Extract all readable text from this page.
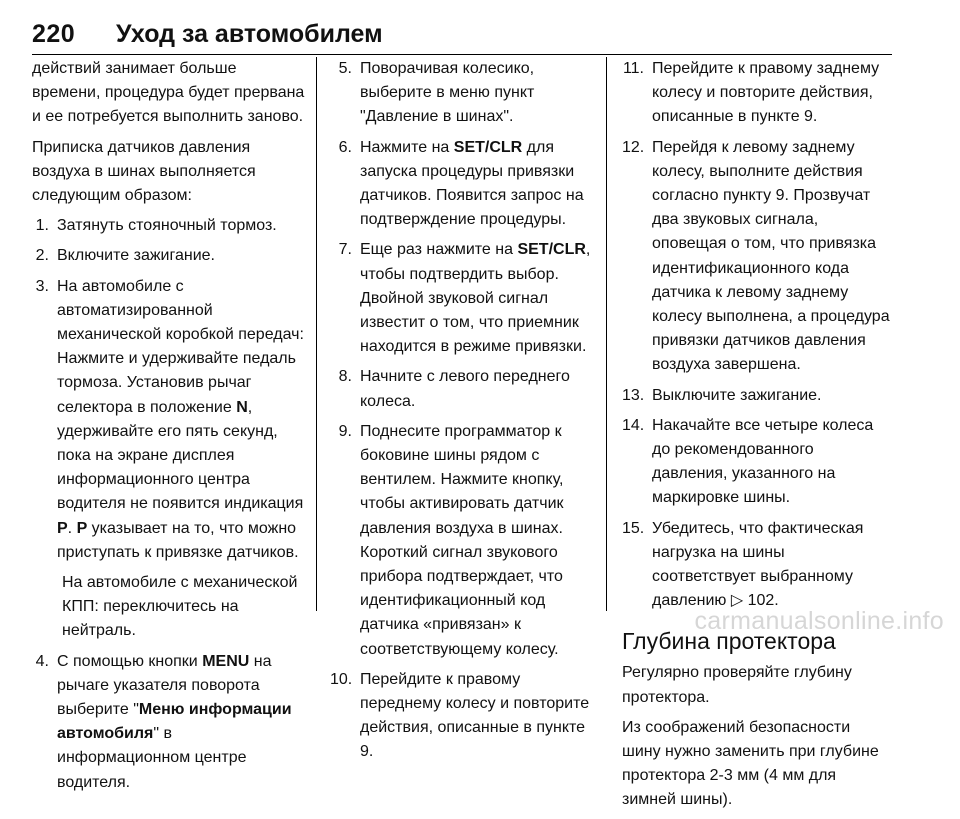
220 Уход за автомобилем
действий занимает больше времени, процедура будет прервана и ее потребуется выполнить заново.
Приписка датчиков давления воздуха в шинах выполняется следующим образом:
1. Затянуть стояночный тормоз.
2. Включите зажигание.
3. На автомобиле с автоматизированной механической коробкой передач: Нажмите и удерживайте педаль тормоза. Установив рычаг селектора в положение N, удерживайте его пять секунд, пока на экране дисплея информационного центра водителя не появится индикация P. P указывает на то, что можно приступать к привязке датчиков.
На автомобиле с механической КПП: переключитесь на нейтраль.
4. С помощью кнопки MENU на рычаге указателя поворота выберите "Меню информации автомобиля" в информационном центре водителя.
5. Поворачивая колесико, выберите в меню пункт "Давление в шинах".
6. Нажмите на SET/CLR для запуска процедуры привязки датчиков. Появится запрос на подтверждение процедуры.
7. Еще раз нажмите на SET/CLR, чтобы подтвердить выбор. Двойной звуковой сигнал известит о том, что приемник находится в режиме привязки.
8. Начните с левого переднего колеса.
9. Поднесите программатор к боковине шины рядом с вентилем. Нажмите кнопку, чтобы активировать датчик давления воздуха в шинах. Короткий сигнал звукового прибора подтверждает, что идентификационный код датчика «привязан» к соответствующему колесу.
10. Перейдите к правому переднему колесу и повторите действия, описанные в пункте 9.
11. Перейдите к правому заднему колесу и повторите действия, описанные в пункте 9.
12. Перейдя к левому заднему колесу, выполните действия согласно пункту 9. Прозвучат два звуковых сигнала, оповещая о том, что привязка идентификационного кода датчика к левому заднему колесу выполнена, а процедура привязки датчиков давления воздуха завершена.
13. Выключите зажигание.
14. Накачайте все четыре колеса до рекомендованного давления, указанного на маркировке шины.
15. Убедитесь, что фактическая нагрузка на шины соответствует выбранному давлению ▷ 102.
Глубина протектора
Регулярно проверяйте глубину протектора.
Из соображений безопасности шину нужно заменить при глубине протектора 2-3 мм (4 мм для зимней шины).
carmanualsonline.info
